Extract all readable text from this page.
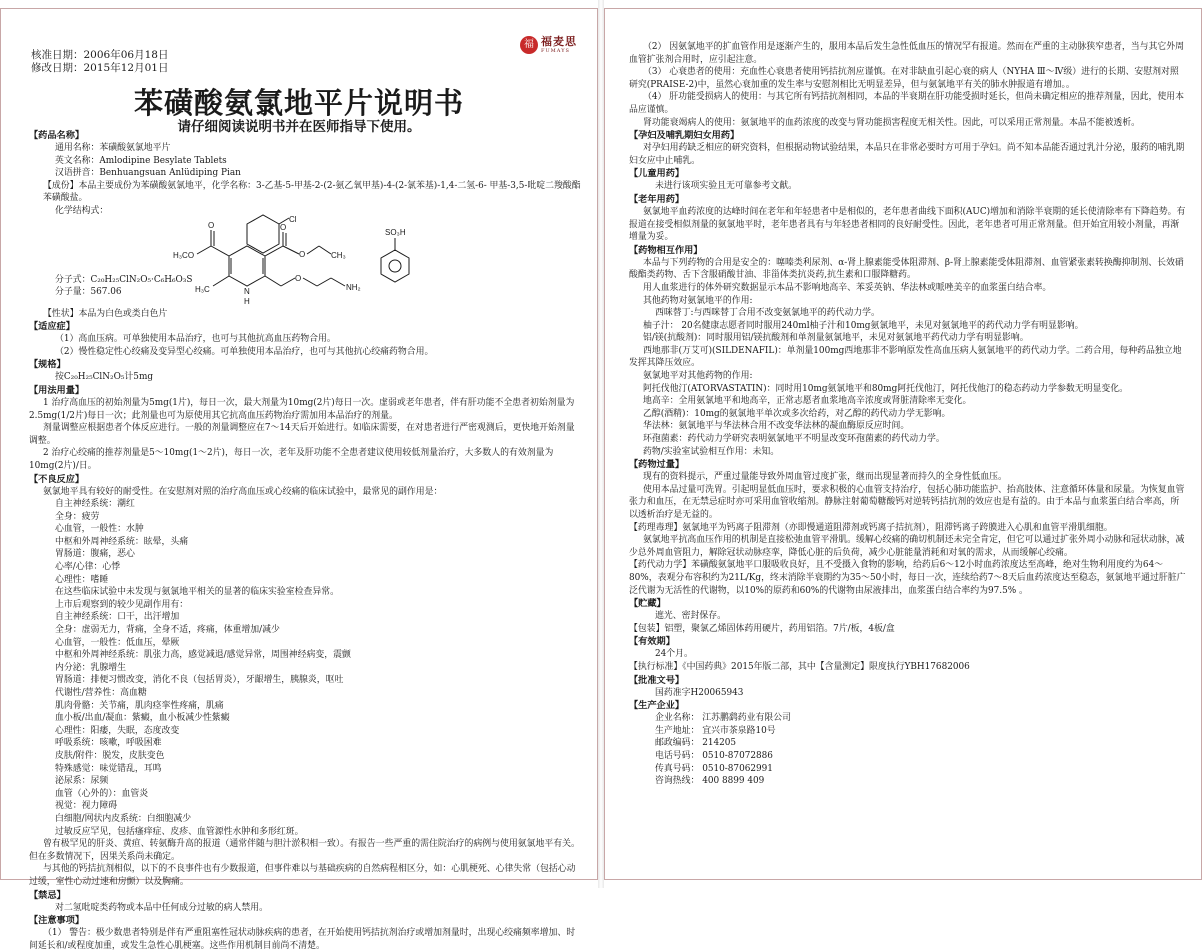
核准日期：2006年06月18日
修改日期：2015年12月01日
苯磺酸氨氯地平片说明书
请仔细阅读说明书并在医师指导下使用。
【药品名称】
通用名称：苯磺酸氨氯地平片
英文名称：Amlodipine Besylate Tablets
汉语拼音：Benhuangsuan Anlüdiping Pian
【成份】本品主要成份为苯磺酸氨氯地平，化学名称：3-乙基-5-甲基-2-(2-氨乙氧甲基)-4-(2-氯苯基)-1,4-二氢-6- 甲基-3,5-吡啶二羧酸酯苯磺酸盐。
化学结构式：
Cl
H₃CO
O	O
O	CH₃
H
N
H₃C
O
NH₂
SO₃H
分子式：C₂₀H₂₅ClN₂O₅·C₆H₆O₃S
分子量：567.06
【性状】本品为白色或类白色片
【适应症】
（1）高血压病。可单独使用本品治疗，也可与其他抗高血压药物合用。
（2）慢性稳定性心绞痛及变异型心绞痛。可单独使用本品治疗，也可与其他抗心绞痛药物合用。
【规格】
按C₂₀H₂₅ClN₂O₅计5mg
【用法用量】
1 治疗高血压的初始剂量为5mg(1片)，每日一次，最大剂量为10mg(2片)每日一次。虚弱或老年患者，伴有肝功能不全患者初始剂量为2.5mg(1/2片)每日一次；此剂量也可为原使用其它抗高血压药物治疗需加用本品治疗的剂量。
剂量调整应根据患者个体反应进行。一般的剂量调整应在7～14天后开始进行。如临床需要，在对患者进行严密观测后，更快地开始剂量调整。
2 治疗心绞痛的推荐剂量是5～10mg(1～2片)，每日一次，老年及肝功能不全患者建议使用较低剂量治疗，大多数人的有效剂量为10mg(2片)/日。
【不良反应】
氨氯地平具有较好的耐受性。在安慰剂对照的治疗高血压或心绞痛的临床试验中，最常见的副作用是：
自主神经系统：潮红
全身：疲劳
心血管，一般性：水肿
中枢和外周神经系统：眩晕，头痛
胃肠道：腹痛，恶心
心率/心律：心悸
心理性：嗜睡
在这些临床试验中未发现与氨氯地平相关的显著的临床实验室检查异常。
上市后观察到的较少见副作用有：
自主神经系统：口干，出汗增加
全身：虚弱无力，背痛，全身不适，疼痛，体重增加/减少
心血管，一般性：低血压，晕厥
中枢和外周神经系统：肌张力高，感觉减退/感觉异常，周围神经病变，震颤
内分泌：乳腺增生
胃肠道：排便习惯改变，消化不良（包括胃炎），牙龈增生，胰腺炎，呕吐
代谢性/营养性：高血糖
肌肉骨骼：关节痛，肌肉痉挛性疼痛，肌痛
血小板/出血/凝血：紫癜，血小板减少性紫癜
心理性：阳痿，失眠，态度改变
呼吸系统：咳嗽，呼吸困难
皮肤/附件：脱发，皮肤变色
特殊感觉：味觉错乱，耳鸣
泌尿系：尿频
血管（心外的）：血管炎
视觉：视力障碍
白细胞/网状内皮系统：白细胞减少
过敏反应罕见，包括瘙痒症、皮疹、血管源性水肿和多形红斑。
曾有极罕见的肝炎、黄疸、转氨酶升高的报道（通常伴随与胆汁淤积相一致）。有报告一些严重的需住院治疗的病例与使用氨氯地平有关。但在多数情况下，因果关系尚未确定。
与其他的钙拮抗剂相似，以下的不良事件也有少数报道，但事件难以与基础疾病的自然病程相区分，如：心肌梗死、心律失常（包括心动过缓，室性心动过速和房颤）以及胸痛。
【禁忌】
对二氢吡啶类药物或本品中任何成分过敏的病人禁用。
【注意事项】
（1） 警告：极少数患者特别是伴有严重阻塞性冠状动脉疾病的患者，在开始使用钙拮抗剂治疗或增加剂量时，出现心绞痛频率增加、时间延长和/或程度加重，或发生急性心肌梗塞。这些作用机制目前尚不清楚。
（2） 因氨氯地平的扩血管作用是逐渐产生的，服用本品后发生急性低血压的情况罕有报道。然而在严重的主动脉狭窄患者，当与其它外周血管扩张剂合用时，应引起注意。
（3） 心衰患者的使用：充血性心衰患者使用钙拮抗剂应谨慎。在对非缺血引起心衰的病人（NYHA Ⅲ～Ⅳ级）进行的长期、安慰剂对照研究(PRAISE-2)中，虽然心衰加重的发生率与安慰剂相比无明显差异，但与氨氯地平有关的肺水肿报道有增加。。
（4） 肝功能受损病人的使用：与其它所有钙拮抗剂相同，本品的半衰期在肝功能受损时延长，但尚未确定相应的推荐剂量，因此，使用本品应谨慎。
肾功能衰竭病人的使用：氨氯地平的血药浓度的改变与肾功能损害程度无相关性。因此，可以采用正常剂量。本品不能被透析。
【孕妇及哺乳期妇女用药】
对孕妇用药缺乏相应的研究资料，但根据动物试验结果，本品只在非常必要时方可用于孕妇。尚不知本品能否通过乳汁分泌，服药的哺乳期妇女应中止哺乳。
【儿童用药】
未进行该项实验且无可靠参考文献。
【老年用药】
氨氯地平血药浓度的达峰时间在老年和年轻患者中是相似的，老年患者曲线下面积(AUC)增加和消除半衰期的延长使清除率有下降趋势。有报道在接受相似剂量的氨氯地平时，老年患者具有与年轻患者相同的良好耐受性。因此，老年患者可用正常剂量。但开始宜用较小剂量，再渐增量为妥。
【药物相互作用】
本品与下列药物的合用是安全的：噻嗪类利尿剂、α-肾上腺素能受体阻滞剂、β-肾上腺素能受体阻滞剂、血管紧张素转换酶抑制剂、长效硝酸酯类药物、舌下含服硝酸甘油、非甾体类抗炎药,抗生素和口服降糖药。
用人血浆进行的体外研究数据显示本品不影响地高辛、苯妥英钠、华法林或哌唑美辛的血浆蛋白结合率。
其他药物对氨氯地平的作用:
西咪替丁:与西咪替丁合用不改变氨氯地平的药代动力学。
柚子汁： 20名健康志愿者同时服用240ml柚子汁和10mg氨氯地平，未见对氨氯地平的药代动力学有明显影响。
铝/镁(抗酸剂)：同时服用铝/镁抗酸剂和单剂量氨氯地平，未见对氨氯地平药代动力学有明显影响。
西地那非(万艾可)(SILDENAFIL)：单剂量100mg西地那非不影响原发性高血压病人氨氯地平的药代动力学。二药合用，每种药品独立地发挥其降压效应。
氨氯地平对其他药物的作用:
阿托伐他汀(ATORVASTATIN)：同时用10mg氨氯地平和80mg阿托伐他汀，阿托伐他汀的稳态药动力学参数无明显变化。
地高辛：全用氨氯地平和地高辛，正常志愿者血浆地高辛浓度或肾脏清除率无变化。
乙醇(酒精)：10mg的氨氯地平单次或多次给药，对乙醇的药代动力学无影响。
华法林：氨氯地平与华法林合用不改变华法林的凝血酶原反应时间。
环孢菌素：药代动力学研究表明氨氯地平不明显改变环孢菌素的药代动力学。
药物/实验室试验相互作用：未知。
【药物过量】
现有的资料提示，严重过量能导致外周血管过度扩张，继而出现显著而持久的全身性低血压。
使用本品过量可洗胃。引起明显低血压时，要求积极的心血管支持治疗，包括心肺功能监护、抬高肢体、注意循环体量和尿量。为恢复血管张力和血压，在无禁忌症时亦可采用血管收缩剂。静脉注射葡萄糖酸钙对逆转钙拮抗剂的效应也是有益的。由于本品与血浆蛋白结合率高，所以透析治疗是无益的。
【药理毒理】氨氯地平为钙离子阻滞剂（亦即慢通道阻滞剂或钙离子拮抗剂），阻滞钙离子跨膜进入心肌和血管平滑肌细胞。
氨氯地平抗高血压作用的机制是直接松弛血管平滑肌。缓解心绞痛的确切机制还未完全肯定，但它可以通过扩张外周小动脉和冠状动脉，减少总外周血管阻力，解除冠状动脉痉挛，降低心脏的后负荷，减少心脏能量消耗和对氧的需求，从而缓解心绞痛。
【药代动力学】苯磺酸氨氯地平口服吸收良好，且不受摄入食物的影响，给药后6～12小时血药浓度达至高峰，绝对生物利用度约为64～80%，表观分布容积约为21L/Kg，终末消除半衰期约为35～50小时，每日一次，连续给药7～8天后血药浓度达至稳态，氨氯地平通过肝脏广泛代谢为无活性的代谢物，以10%的原药和60%的代谢物由尿液排出，血浆蛋白结合率约为97.5% 。
【贮藏】
遮光、密封保存。
【包装】铝塑，聚氯乙烯固体药用硬片，药用铝箔。7片/板，4板/盒
【有效期】
24个月。
【执行标准】《中国药典》2015年版二部，其中【含量测定】限度执行YBH17682006
【批准文号】
国药准字H20065943
【生产企业】
企业名称： 江苏鹏鹞药业有限公司
生产地址： 宜兴市茶泉路10号
邮政编码： 214205
电话号码： 0510-87072886
传真号码： 0510-87062991
咨询热线： 400 8899 409
福 福麦思
FUMAYS
